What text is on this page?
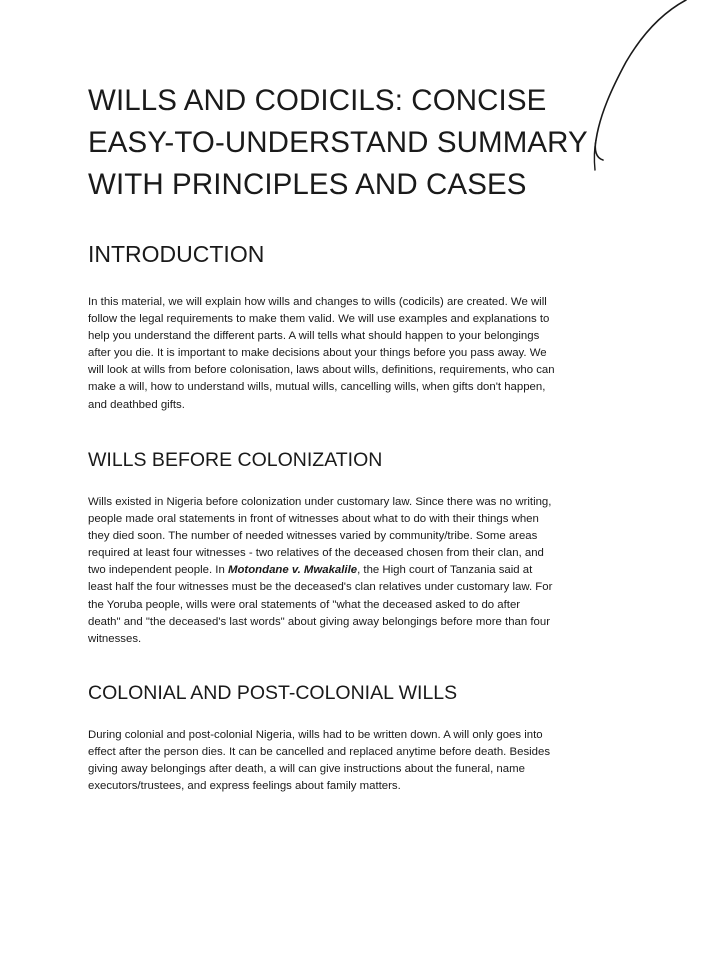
WILLS AND CODICILS: CONCISE
EASY-TO-UNDERSTAND SUMMARY
WITH PRINCIPLES AND CASES
INTRODUCTION

In this material, we will explain how wills and changes to wills (codicils) are created. We will
follow the legal requirements to make them valid. We will use examples and explanations to
help you understand the different parts. A will tells what should happen to your belongings
after you die. It is important to make decisions about your things before you pass away. We
will look at wills from before colonisation, laws about wills, definitions, requirements, who can
make a will, how to understand wills, mutual wills, cancelling wills, when gifts don't happen,
and deathbed gifts.

WILLS BEFORE COLONIZATION

Wills existed in Nigeria before colonization under customary law. Since there was no writing,
people made oral statements in front of witnesses about what to do with their things when
they died soon. The number of needed witnesses varied by community/tribe. Some areas
required at least four witnesses - two relatives of the deceased chosen from their clan, and
two independent people. In Motondane v. Mwakalile, the High court of Tanzania said at
least half the four witnesses must be the deceased's clan relatives under customary law. For
the Yoruba people, wills were oral statements of "what the deceased asked to do after
death" and "the deceased's last words" about giving away belongings before more than four
witnesses.

COLONIAL AND POST-COLONIAL WILLS

During colonial and post-colonial Nigeria, wills had to be written down. A will only goes into
effect after the person dies. It can be cancelled and replaced anytime before death. Besides
giving away belongings after death, a will can give instructions about the funeral, name
executors/trustees, and express feelings about family matters.
